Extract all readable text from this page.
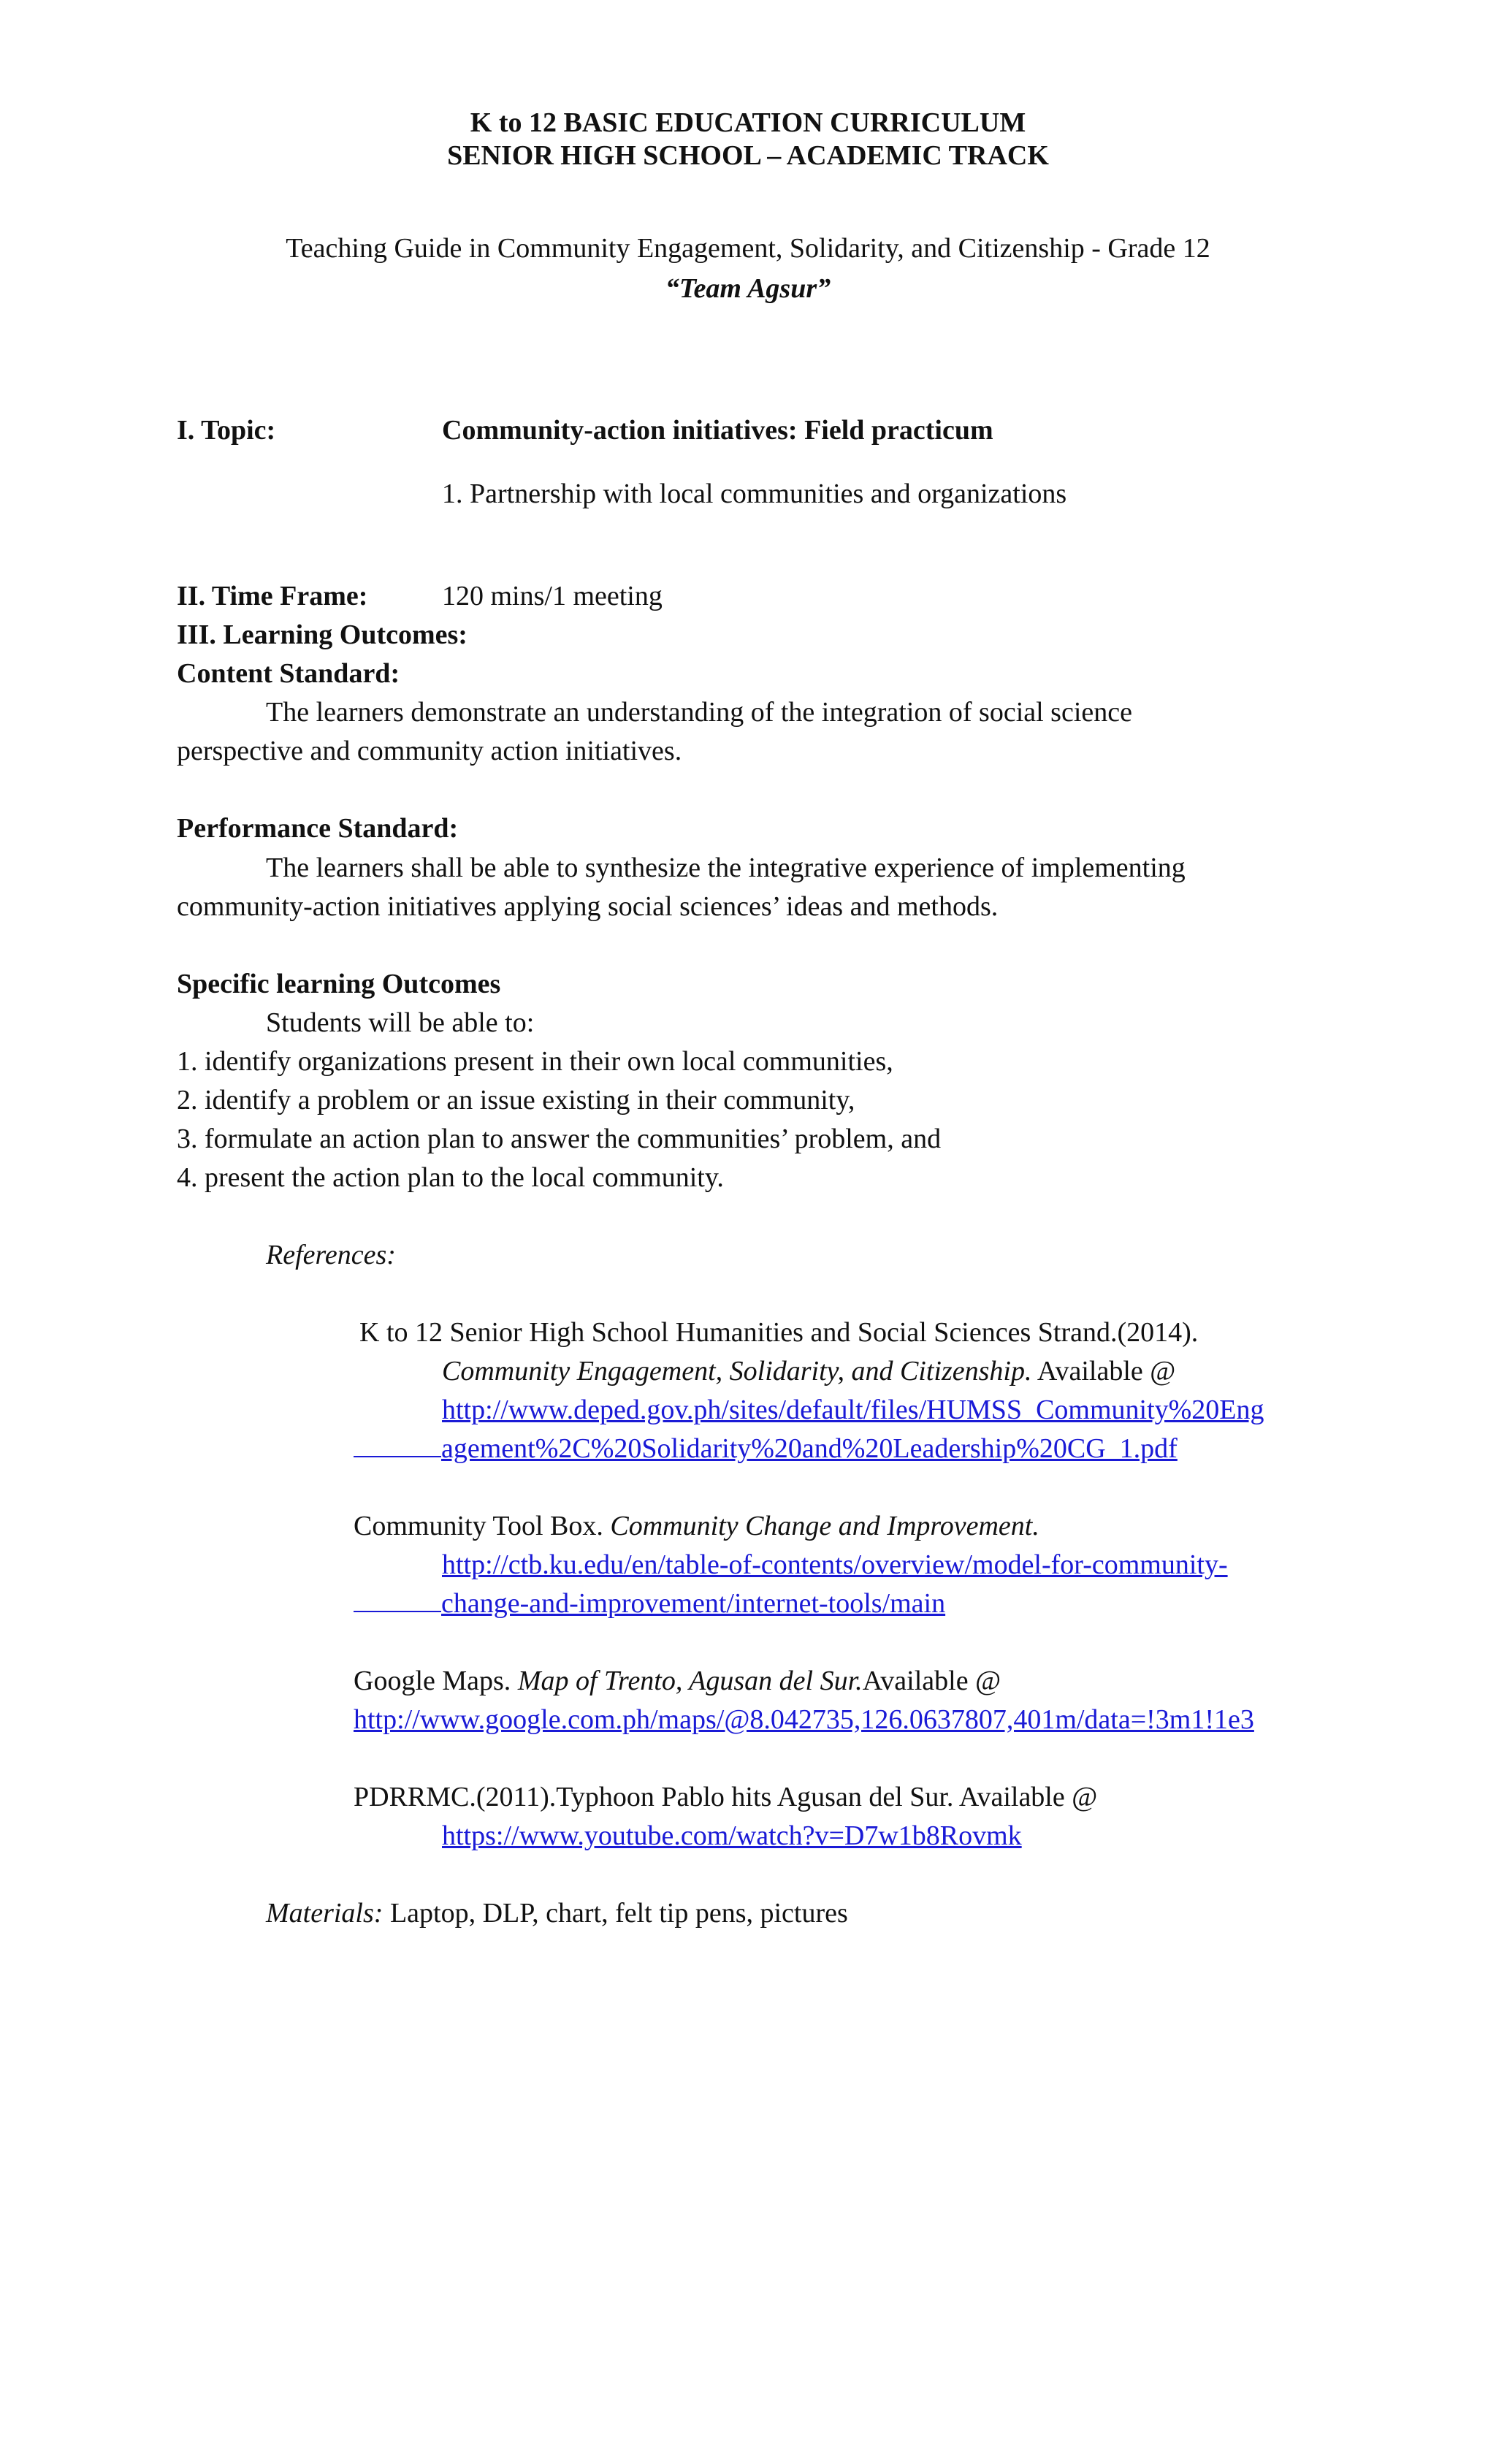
K to 12 BASIC EDUCATION CURRICULUM

SENIOR HIGH SCHOOL – ACADEMIC TRACK

Teaching Guide in Community Engagement, Solidarity, and Citizenship - Grade 12

“Team Agsur”

I. Topic:	Community-action initiatives: Field practicum

1. Partnership with local communities and organizations

II. Time Frame:	120 mins/1 meeting

III. Learning Outcomes:

Content Standard:

The learners demonstrate an understanding of the integration of social science

perspective and community action initiatives.

Performance Standard:

The learners shall be able to synthesize the integrative experience of implementing

community-action initiatives applying social sciences’ ideas and methods.

Specific learning Outcomes

Students will be able to:

1. identify organizations present in their own local communities,

2. identify a problem or an issue existing in their community,

3. formulate an action plan to answer the communities’ problem, and

4. present the action plan to the local community.

References:

K to 12 Senior High School Humanities and Social Sciences Strand.(2014).

Community Engagement, Solidarity, and Citizenship. Available @

http://www.deped.gov.ph/sites/default/files/HUMSS_Community%20Eng

agement%2C%20Solidarity%20and%20Leadership%20CG_1.pdf

Community Tool Box. Community Change and Improvement.

http://ctb.ku.edu/en/table-of-contents/overview/model-for-community-

change-and-improvement/internet-tools/main

Google Maps. Map of Trento, Agusan del Sur.Available @

http://www.google.com.ph/maps/@8.042735,126.0637807,401m/data=!3m1!1e3

PDRRMC.(2011).Typhoon Pablo hits Agusan del Sur. Available @

https://www.youtube.com/watch?v=D7w1b8Rovmk

Materials: Laptop, DLP, chart, felt tip pens, pictures
